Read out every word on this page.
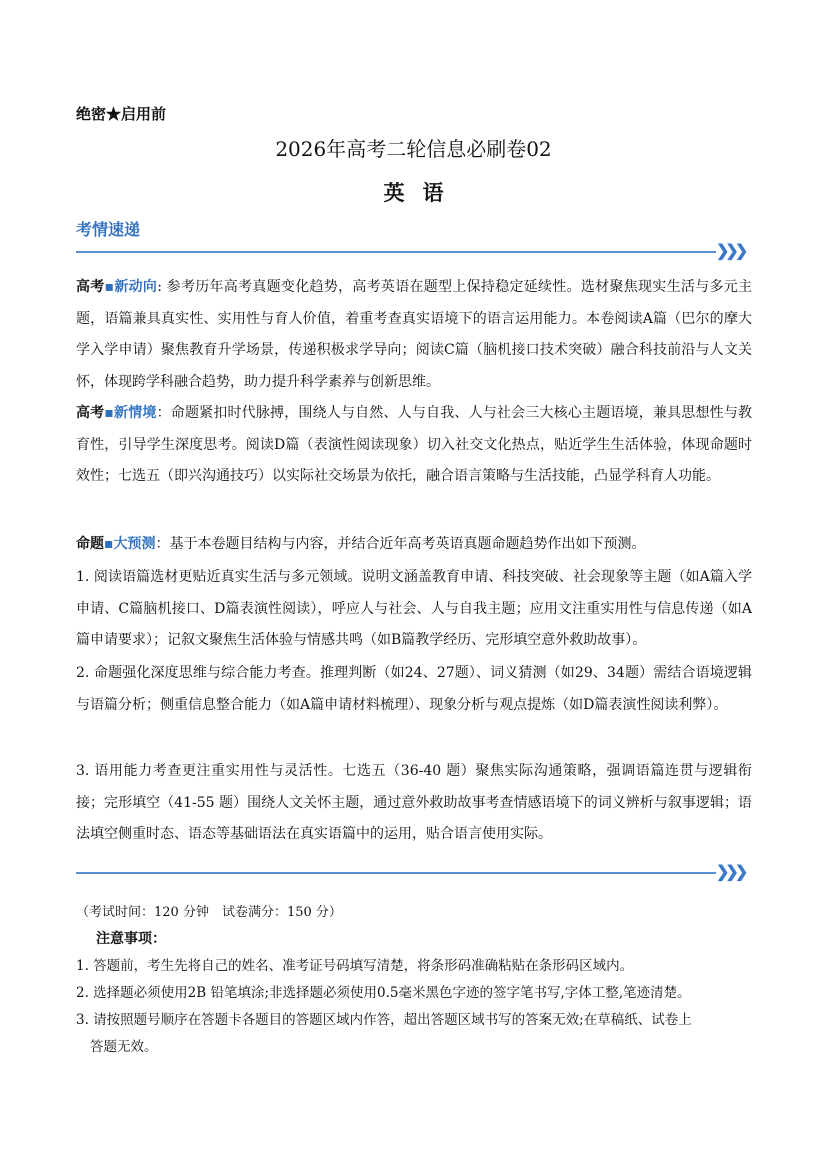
绝密★启用前
2026年高考二轮信息必刷卷02
英语
考情速递
❯❯❯
高考▪新动向: 参考历年高考真题变化趋势，高考英语在题型上保持稳定延续性。选材聚焦现实生活与多元主题，语篇兼具真实性、实用性与育人价值，着重考查真实语境下的语言运用能力。本卷阅读A篇（巴尔的摩大学入学申请）聚焦教育升学场景，传递积极求学导向；阅读C篇（脑机接口技术突破）融合科技前沿与人文关怀，体现跨学科融合趋势，助力提升科学素养与创新思维。
高考▪新情境：命题紧扣时代脉搏，围绕人与自然、人与自我、人与社会三大核心主题语境，兼具思想性与教育性，引导学生深度思考。阅读D篇（表演性阅读现象）切入社交文化热点，贴近学生生活体验，体现命题时效性；七选五（即兴沟通技巧）以实际社交场景为依托，融合语言策略与生活技能，凸显学科育人功能。
命题▪大预测：基于本卷题目结构与内容，并结合近年高考英语真题命题趋势作出如下预测。
1. 阅读语篇选材更贴近真实生活与多元领域。说明文涵盖教育申请、科技突破、社会现象等主题（如A篇入学申请、C篇脑机接口、D篇表演性阅读），呼应人与社会、人与自我主题；应用文注重实用性与信息传递（如A篇申请要求）；记叙文聚焦生活体验与情感共鸣（如B篇教学经历、完形填空意外救助故事）。
2. 命题强化深度思维与综合能力考查。推理判断（如24、27题）、词义猜测（如29、34题）需结合语境逻辑与语篇分析；侧重信息整合能力（如A篇申请材料梳理）、现象分析与观点提炼（如D篇表演性阅读利弊）。
3. 语用能力考查更注重实用性与灵活性。七选五（36-40 题）聚焦实际沟通策略，强调语篇连贯与逻辑衔接；完形填空（41-55 题）围绕人文关怀主题，通过意外救助故事考查情感语境下的词义辨析与叙事逻辑；语法填空侧重时态、语态等基础语法在真实语篇中的运用，贴合语言使用实际。
❯❯❯
（考试时间：120 分钟　试卷满分：150 分）
注意事项：
1. 答题前，考生先将自己的姓名、准考证号码填写清楚，将条形码准确粘贴在条形码区域内。
2. 选择题必须使用2B 铅笔填涂;非选择题必须使用0.5毫米黑色字迹的签字笔书写,字体工整,笔迹清楚。
3. 请按照题号顺序在答题卡各题目的答题区域内作答，超出答题区域书写的答案无效;在草稿纸、试卷上
答题无效。
